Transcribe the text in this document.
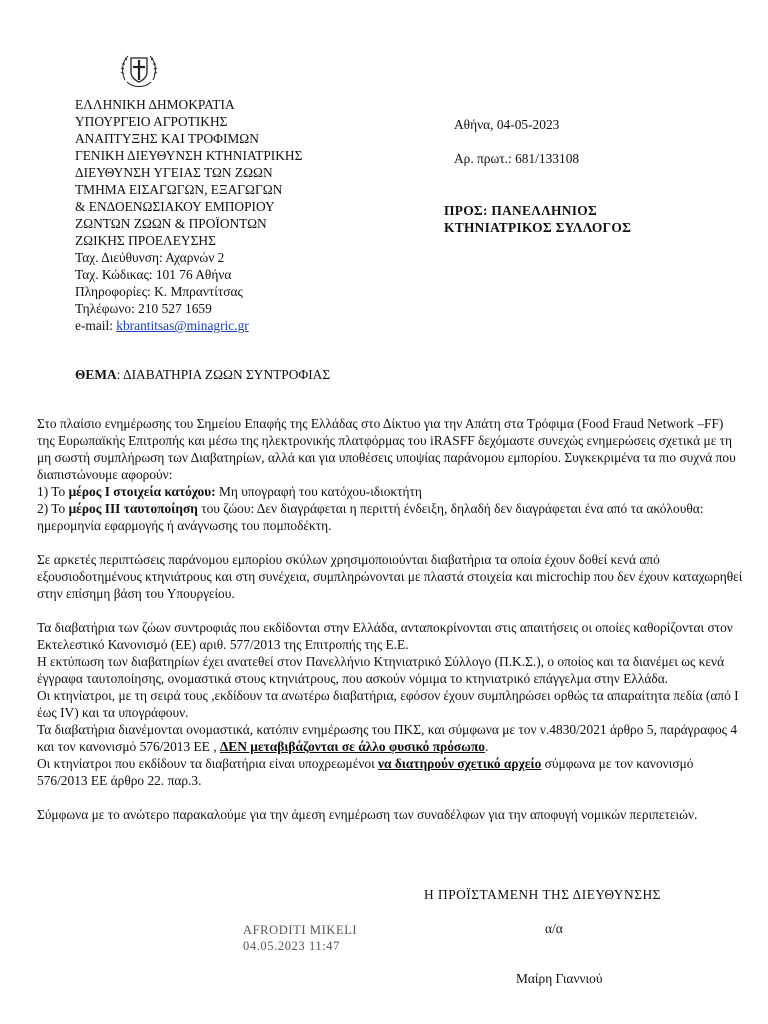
ΕΛΛΗΝΙΚΗ ΔΗΜΟΚΡΑΤΙΑ
ΥΠΟΥΡΓΕΙΟ ΑΓΡΟΤΙΚΗΣ
ΑΝΑΠΤΥΞΗΣ ΚΑΙ ΤΡΟΦΙΜΩΝ
ΓΕΝΙΚΗ ΔΙΕΥΘΥΝΣΗ ΚΤΗΝΙΑΤΡΙΚΗΣ
ΔΙΕΥΘΥΝΣΗ ΥΓΕΙΑΣ ΤΩΝ ΖΩΩΝ
ΤΜΗΜΑ ΕΙΣΑΓΩΓΩΝ, ΕΞΑΓΩΓΩΝ
& ΕΝΔΟΕΝΩΣΙΑΚΟΥ ΕΜΠΟΡΙΟΥ
ΖΩΝΤΩΝ ΖΩΩΝ & ΠΡΟΪΟΝΤΩΝ
ΖΩΙΚΗΣ ΠΡΟΕΛΕΥΣΗΣ
Ταχ. Διεύθυνση: Αχαρνών 2
Ταχ. Κώδικας: 101 76 Αθήνα
Πληροφορίες: Κ. Μπραντίτσας
Τηλέφωνο: 210 527 1659
e-mail: kbrantitsas@minagric.gr
Αθήνα, 04-05-2023
Αρ. πρωτ.: 681/133108
ΠΡΟΣ: ΠΑΝΕΛΛΗΝΙΟΣ
ΚΤΗΝΙΑΤΡΙΚΟΣ ΣΥΛΛΟΓΟΣ
ΘΕΜΑ: ΔΙΑΒΑΤΗΡΙΑ ΖΩΩΝ ΣΥΝΤΡΟΦΙΑΣ

Στο πλαίσιο ενημέρωσης του Σημείου Επαφής της Ελλάδας στο Δίκτυο για την Απάτη στα Τρόφιμα (Food Fraud Network –FF) της Ευρωπαϊκής Επιτροπής και μέσω της ηλεκτρονικής πλατφόρμας του iRASFF δεχόμαστε συνεχώς ενημερώσεις σχετικά με τη μη σωστή συμπλήρωση των Διαβατηρίων, αλλά και για υποθέσεις υποψίας παράνομου εμπορίου. Συγκεκριμένα τα πιο συχνά που διαπιστώνουμε αφορούν:
1) Το μέρος I στοιχεία κατόχου: Μη υπογραφή του κατόχου-ιδιοκτήτη
2) Το μέρος III ταυτοποίηση του ζώου: Δεν διαγράφεται η περιττή ένδειξη, δηλαδή δεν διαγράφεται ένα από τα ακόλουθα: ημερομηνία εφαρμογής ή ανάγνωσης του πομποδέκτη.

Σε αρκετές περιπτώσεις παράνομου εμπορίου σκύλων χρησιμοποιούνται διαβατήρια τα οποία έχουν δοθεί κενά από εξουσιοδοτημένους κτηνιάτρους και στη συνέχεια, συμπληρώνονται με πλαστά στοιχεία και microchip που δεν έχουν καταχωρηθεί στην επίσημη βάση του Υπουργείου.

Τα διαβατήρια των ζώων συντροφιάς που εκδίδονται στην Ελλάδα, ανταποκρίνονται στις απαιτήσεις οι οποίες καθορίζονται στον Εκτελεστικό Κανονισμό (ΕΕ) αριθ. 577/2013 της Επιτροπής της Ε.Ε.
Η εκτύπωση των διαβατηρίων έχει ανατεθεί στον Πανελλήνιο Κτηνιατρικό Σύλλογο (Π.Κ.Σ.), ο οποίος και τα διανέμει ως κενά έγγραφα ταυτοποίησης, ονομαστικά στους κτηνιάτρους, που ασκούν νόμιμα το κτηνιατρικό επάγγελμα στην Ελλάδα.
Οι κτηνίατροι, με τη σειρά τους ,εκδίδουν τα ανωτέρω διαβατήρια, εφόσον έχουν συμπληρώσει ορθώς τα απαραίτητα πεδία (από I έως IV) και τα υπογράφουν.
Τα διαβατήρια διανέμονται ονομαστικά, κατόπιν ενημέρωσης του ΠΚΣ, και σύμφωνα με τον ν.4830/2021 άρθρο 5, παράγραφος 4 και τον κανονισμό 576/2013 ΕΕ , ΔΕΝ μεταβιβάζονται σε άλλο φυσικό πρόσωπο.
Οι κτηνίατροι που εκδίδουν τα διαβατήρια είναι υποχρεωμένοι να διατηρούν σχετικό αρχείο σύμφωνα με τον κανονισμό 576/2013 ΕΕ άρθρο 22. παρ.3.

Σύμφωνα με το ανώτερο παρακαλούμε για την άμεση ενημέρωση των συναδέλφων για την αποφυγή νομικών περιπετειών.

Η ΠΡΟΪΣΤΑΜΕΝΗ ΤΗΣ ΔΙΕΥΘΥΝΣΗΣ
AFRODITI MIKELI
04.05.2023 11:47
α/α
Μαίρη Γιαννιού
